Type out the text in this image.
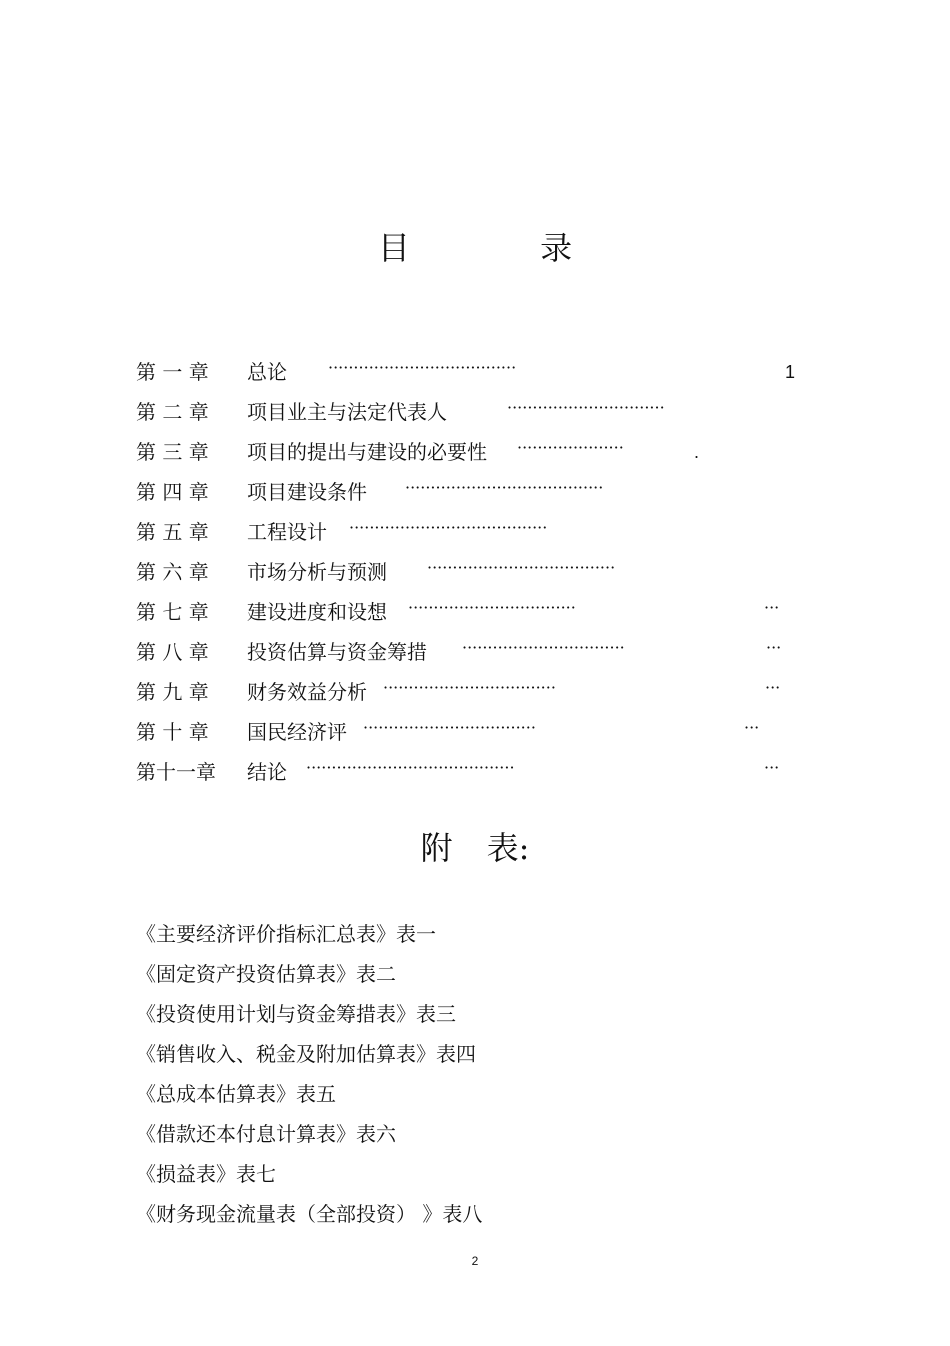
目 录
第 一 章	总论	·····································	1
第 二 章	项目业主与法定代表人	·······························
第 三 章	项目的提出与建设的必要性 ·····················	.
第 四 章	项目建设条件 ·······································
第 五 章	工程设计 ·······································
第 六 章	市场分析与预测	·····································
第 七 章	建设进度和设想 ·································	···
第 八 章	投资估算与资金筹措 ································	···
第 九 章	财务效益分析 ··································	···
第 十 章	国民经济评 ··································	···
第十一章	结论 ·········································	···
附 表:
《主要经济评价指标汇总表》表一
《固定资产投资估算表》表二
《投资使用计划与资金筹措表》表三
《销售收入、税金及附加估算表》表四
《总成本估算表》表五
《借款还本付息计算表》表六
《损益表》表七
《财务现金流量表（全部投资） 》表八
2
